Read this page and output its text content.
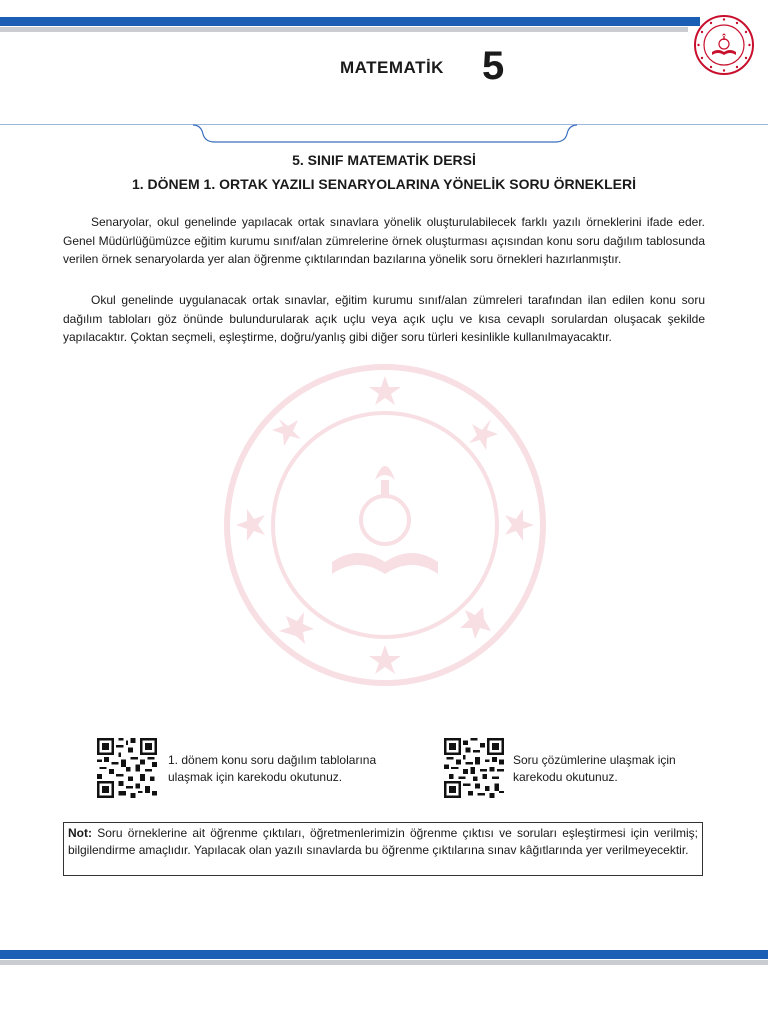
MATEMATİK 5
5. SINIF MATEMATİK DERSİ
1. DÖNEM 1. ORTAK YAZILI SENARYOLARINA YÖNELİK SORU ÖRNEKLERİ

Senaryolar, okul genelinde yapılacak ortak sınavlara yönelik oluşturulabilecek farklı yazılı örneklerini ifade eder. Genel Müdürlüğümüzce eğitim kurumu sınıf/alan zümrelerine örnek oluşturması açısından konu soru dağılım tablosunda verilen örnek senaryolarda yer alan öğrenme çıktılarından bazılarına yönelik soru örnekleri hazırlanmıştır.

Okul genelinde uygulanacak ortak sınavlar, eğitim kurumu sınıf/alan zümreleri tarafından ilan edilen konu soru dağılım tabloları göz önünde bulundurularak açık uçlu veya açık uçlu ve kısa cevaplı sorulardan oluşacak şekilde yapılacaktır. Çoktan seçmeli, eşleştirme, doğru/yanlış gibi diğer soru türleri kesinlikle kullanılmayacaktır.

1. dönem konu soru dağılım tablolarına ulaşmak için karekodu okutunuz.
Soru çözümlerine ulaşmak için karekodu okutunuz.

Not: Soru örneklerine ait öğrenme çıktıları, öğretmenlerimizin öğrenme çıktısı ve soruları eşleştirmesi için verilmiş; bilgilendirme amaçlıdır. Yapılacak olan yazılı sınavlarda bu öğrenme çıktılarına sınav kâğıtlarında yer verilmeyecektir.
